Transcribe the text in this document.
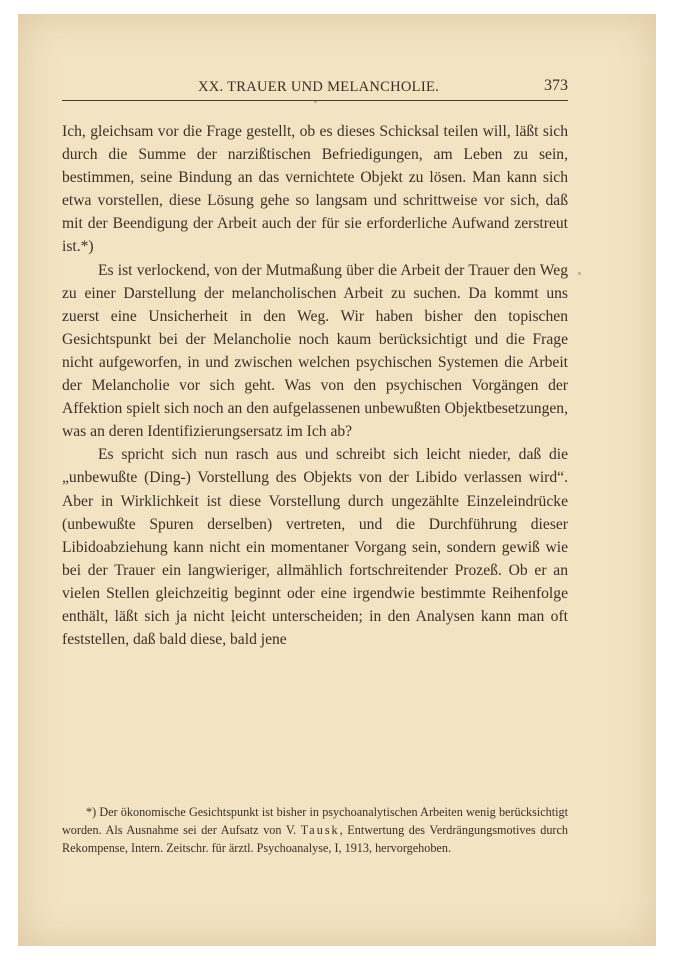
XX. TRAUER UND MELANCHOLIE.	373

Ich, gleichsam vor die Frage gestellt, ob es dieses Schicksal teilen will, läßt sich durch die Summe der narzißtischen Befriedigungen, am Leben zu sein, bestimmen, seine Bindung an das vernichtete Objekt zu lösen. Man kann sich etwa vorstellen, diese Lösung gehe so langsam und schrittweise vor sich, daß mit der Beendigung der Arbeit auch der für sie erforderliche Aufwand zerstreut ist.*)

Es ist verlockend, von der Mutmaßung über die Arbeit der Trauer den Weg zu einer Darstellung der melancholischen Arbeit zu suchen. Da kommt uns zuerst eine Unsicherheit in den Weg. Wir haben bisher den topischen Gesichtspunkt bei der Melancholie noch kaum berücksichtigt und die Frage nicht aufgeworfen, in und zwischen welchen psychischen Systemen die Arbeit der Melancholie vor sich geht. Was von den psychischen Vorgängen der Affektion spielt sich noch an den aufgelassenen unbewußten Objektbesetzungen, was an deren Identifizierungsersatz im Ich ab?

Es spricht sich nun rasch aus und schreibt sich leicht nieder, daß die „unbewußte (Ding-) Vorstellung des Objekts von der Libido verlassen wird“. Aber in Wirklichkeit ist diese Vorstellung durch ungezählte Einzeleindrücke (unbewußte Spuren derselben) vertreten, und die Durchführung dieser Libidoabziehung kann nicht ein momentaner Vorgang sein, sondern gewiß wie bei der Trauer ein langwieriger, allmählich fortschreitender Prozeß. Ob er an vielen Stellen gleichzeitig beginnt oder eine irgendwie bestimmte Reihenfolge enthält, läßt sich ja nicht leicht unterscheiden; in den Analysen kann man oft feststellen, daß bald diese, bald jene

*) Der ökonomische Gesichtspunkt ist bisher in psychoanalytischen Arbeiten wenig berücksichtigt worden. Als Ausnahme sei der Aufsatz von V. Tausk, Entwertung des Verdrängungsmotives durch Rekompense, Intern. Zeitschr. für ärztl. Psychoanalyse, I, 1913, hervorgehoben.
